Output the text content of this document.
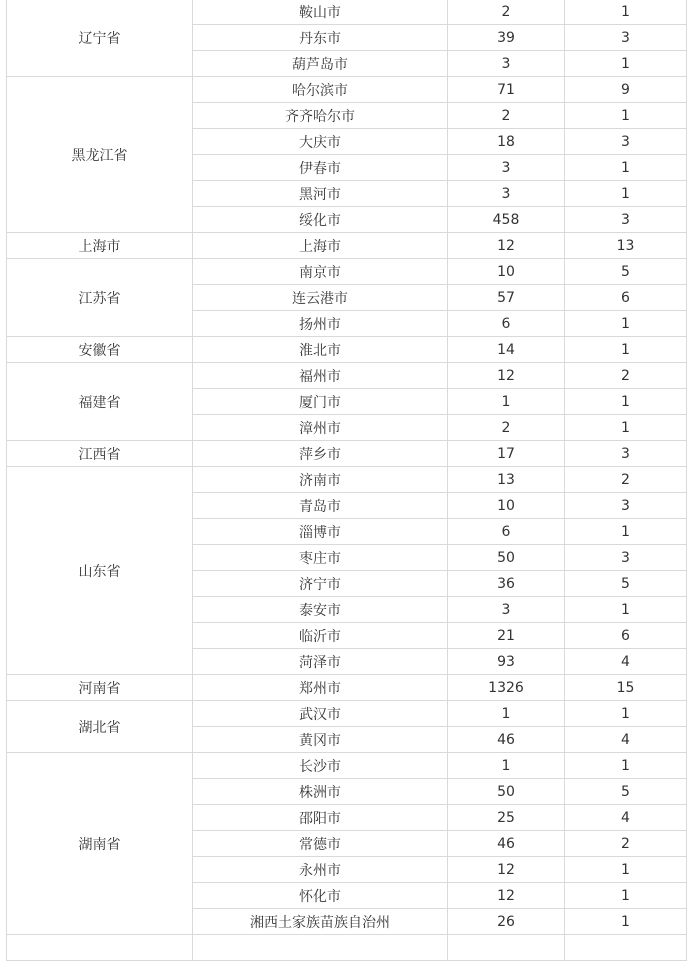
辽宁省	鞍山市	2	1
	丹东市	39	3
	葫芦岛市	3	1
黑龙江省	哈尔滨市	71	9
	齐齐哈尔市	2	1
	大庆市	18	3
	伊春市	3	1
	黑河市	3	1
	绥化市	458	3
上海市	上海市	12	13
江苏省	南京市	10	5
	连云港市	57	6
	扬州市	6	1
安徽省	淮北市	14	1
福建省	福州市	12	2
	厦门市	1	1
	漳州市	2	1
江西省	萍乡市	17	3
山东省	济南市	13	2
	青岛市	10	3
	淄博市	6	1
	枣庄市	50	3
	济宁市	36	5
	泰安市	3	1
	临沂市	21	6
	菏泽市	93	4
河南省	郑州市	1326	15
湖北省	武汉市	1	1
	黄冈市	46	4
湖南省	长沙市	1	1
	株洲市	50	5
	邵阳市	25	4
	常德市	46	2
	永州市	12	1
	怀化市	12	1
	湘西土家族苗族自治州	26	1
